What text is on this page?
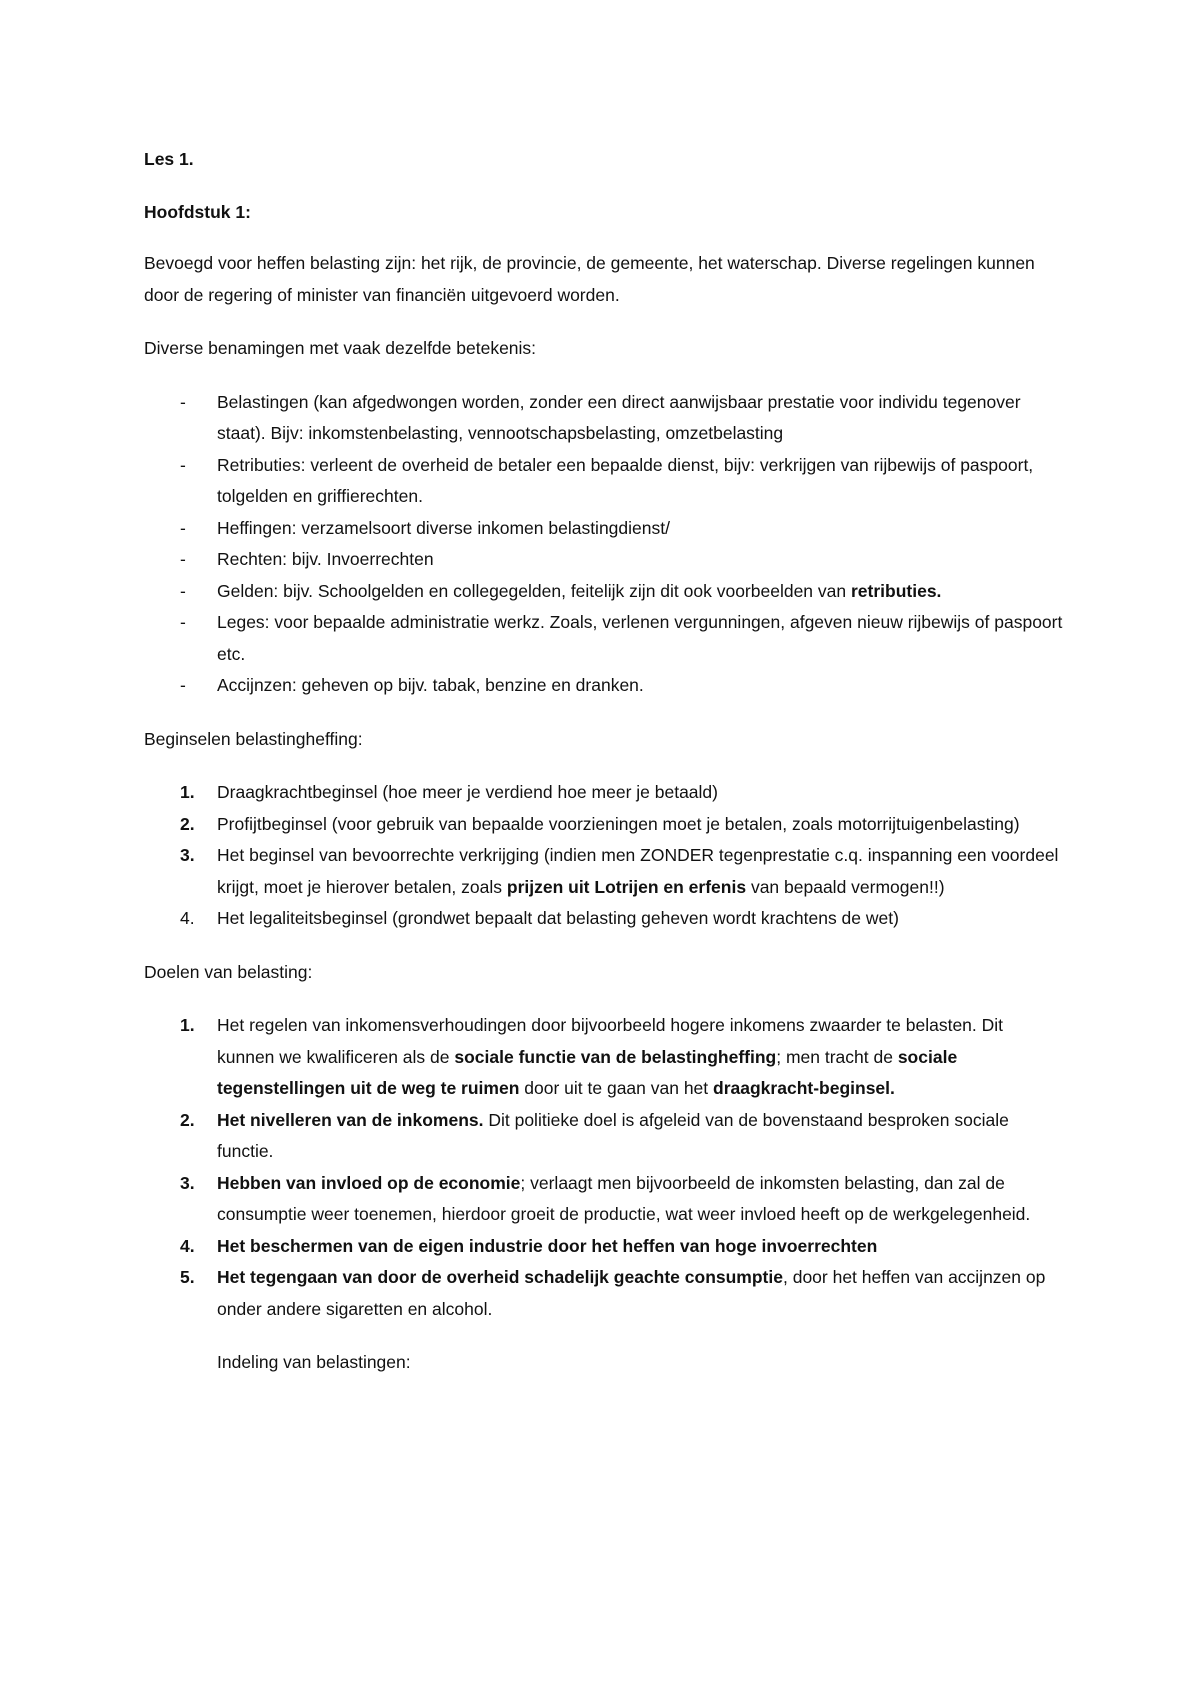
Les 1.

Hoofdstuk 1:

Bevoegd voor heffen belasting zijn: het rijk, de provincie, de gemeente, het waterschap. Diverse regelingen kunnen door de regering of minister van financiën uitgevoerd worden.

Diverse benamingen met vaak dezelfde betekenis:

- Belastingen (kan afgedwongen worden, zonder een direct aanwijsbaar prestatie voor individu tegenover staat). Bijv: inkomstenbelasting, vennootschapsbelasting, omzetbelasting
- Retributies: verleent de overheid de betaler een bepaalde dienst, bijv: verkrijgen van rijbewijs of paspoort, tolgelden en griffierechten.
- Heffingen: verzamelsoort diverse inkomen belastingdienst/
- Rechten: bijv. Invoerrechten
- Gelden: bijv. Schoolgelden en collegegelden, feitelijk zijn dit ook voorbeelden van retributies.
- Leges: voor bepaalde administratie werkz. Zoals, verlenen vergunningen, afgeven nieuw rijbewijs of paspoort etc.
- Accijnzen: geheven op bijv. tabak, benzine en dranken.

Beginselen belastingheffing:

1. Draagkrachtbeginsel (hoe meer je verdiend hoe meer je betaald)
2. Profijtbeginsel (voor gebruik van bepaalde voorzieningen moet je betalen, zoals motorrijtuigenbelasting)
3. Het beginsel van bevoorrechte verkrijging (indien men ZONDER tegenprestatie c.q. inspanning een voordeel krijgt, moet je hierover betalen, zoals prijzen uit Lotrijen en erfenis van bepaald vermogen!!)
4. Het legaliteitsbeginsel (grondwet bepaalt dat belasting geheven wordt krachtens de wet)

Doelen van belasting:

1. Het regelen van inkomensverhoudingen door bijvoorbeeld hogere inkomens zwaarder te belasten. Dit kunnen we kwalificeren als de sociale functie van de belastingheffing; men tracht de sociale tegenstellingen uit de weg te ruimen door uit te gaan van het draagkracht-beginsel.
2. Het nivelleren van de inkomens. Dit politieke doel is afgeleid van de bovenstaand besproken sociale functie.
3. Hebben van invloed op de economie; verlaagt men bijvoorbeeld de inkomsten belasting, dan zal de consumptie weer toenemen, hierdoor groeit de productie, wat weer invloed heeft op de werkgelegenheid.
4. Het beschermen van de eigen industrie door het heffen van hoge invoerrechten
5. Het tegengaan van door de overheid schadelijk geachte consumptie, door het heffen van accijnzen op onder andere sigaretten en alcohol.

Indeling van belastingen:
